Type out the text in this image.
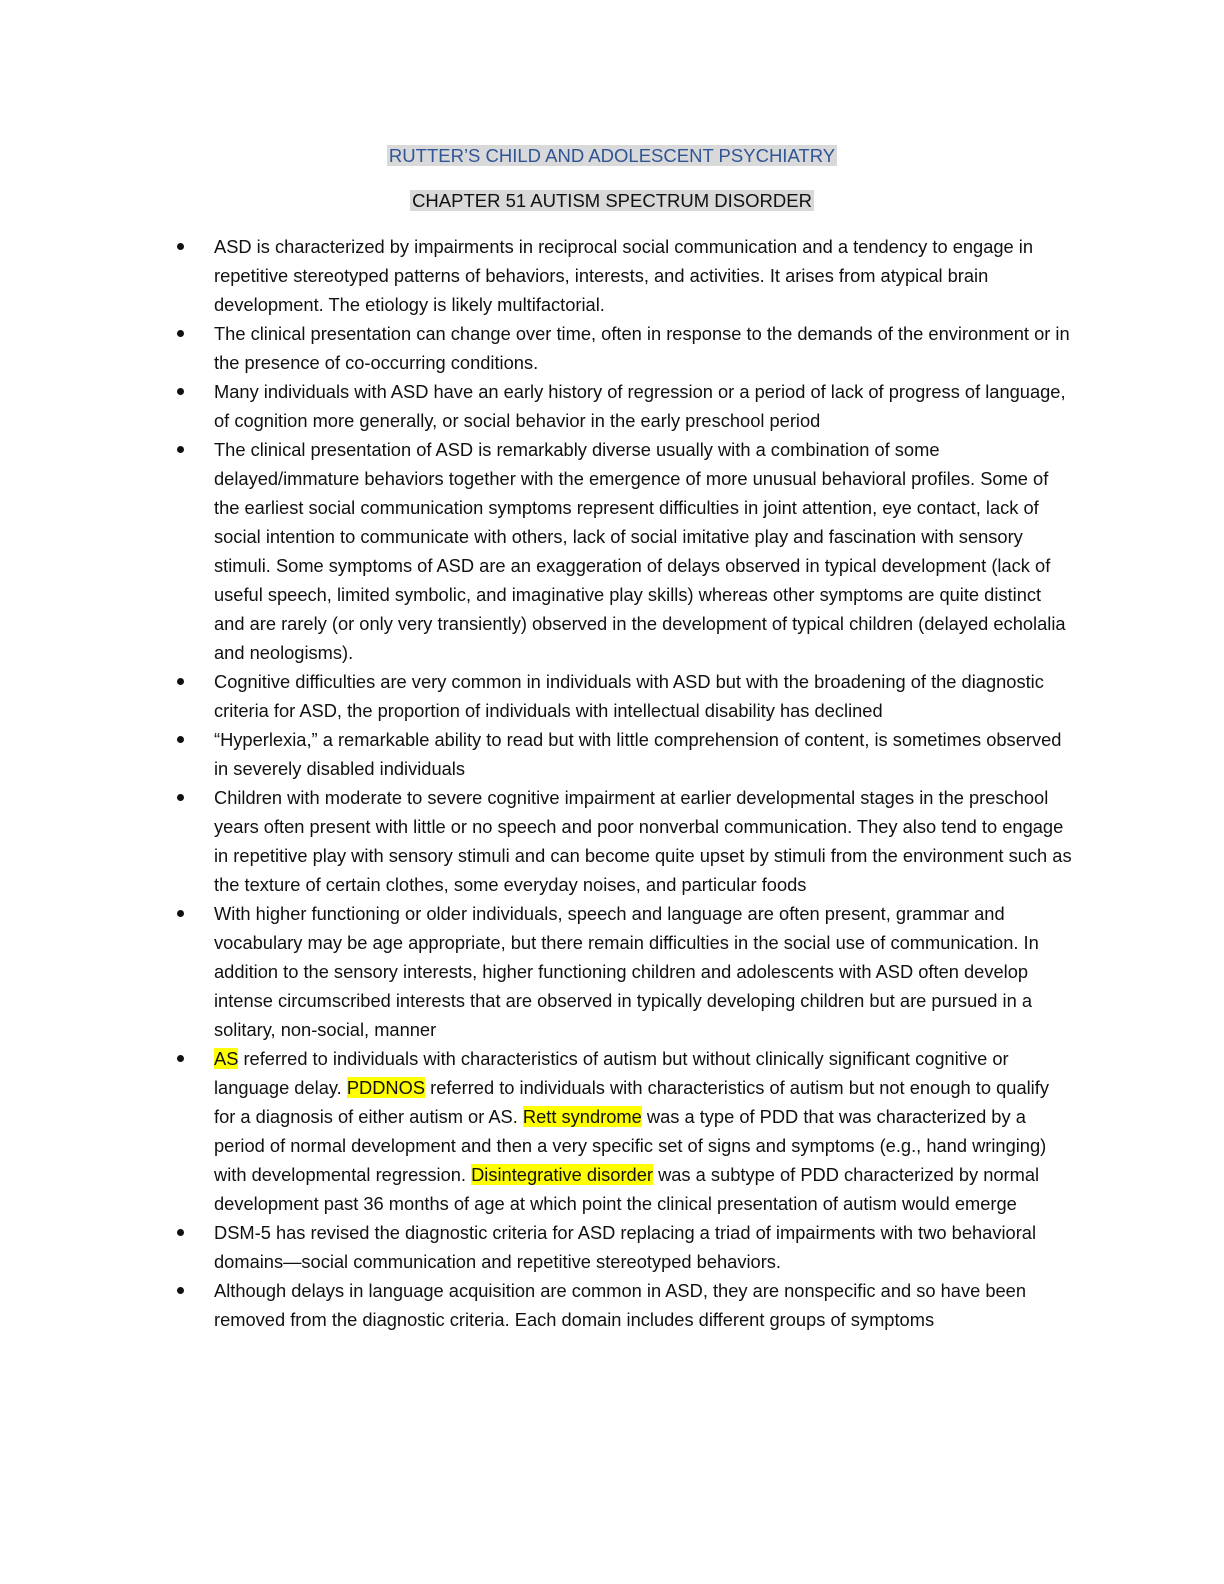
RUTTER’S CHILD AND ADOLESCENT PSYCHIATRY
CHAPTER 51 AUTISM SPECTRUM DISORDER
ASD is characterized by impairments in reciprocal social communication and a tendency to engage in repetitive stereotyped patterns of behaviors, interests, and activities. It arises from atypical brain development. The etiology is likely multifactorial.
The clinical presentation can change over time, often in response to the demands of the environment or in the presence of co-occurring conditions.
Many individuals with ASD have an early history of regression or a period of lack of progress of language, of cognition more generally, or social behavior in the early preschool period
The clinical presentation of ASD is remarkably diverse usually with a combination of some delayed/immature behaviors together with the emergence of more unusual behavioral profiles. Some of the earliest social communication symptoms represent difficulties in joint attention, eye contact, lack of social intention to communicate with others, lack of social imitative play and fascination with sensory stimuli. Some symptoms of ASD are an exaggeration of delays observed in typical development (lack of useful speech, limited symbolic, and imaginative play skills) whereas other symptoms are quite distinct and are rarely (or only very transiently) observed in the development of typical children (delayed echolalia and neologisms).
Cognitive difficulties are very common in individuals with ASD but with the broadening of the diagnostic criteria for ASD, the proportion of individuals with intellectual disability has declined
“Hyperlexia,” a remarkable ability to read but with little comprehension of content, is sometimes observed in severely disabled individuals
Children with moderate to severe cognitive impairment at earlier developmental stages in the preschool years often present with little or no speech and poor nonverbal communication. They also tend to engage in repetitive play with sensory stimuli and can become quite upset by stimuli from the environment such as the texture of certain clothes, some everyday noises, and particular foods
With higher functioning or older individuals, speech and language are often present, grammar and vocabulary may be age appropriate, but there remain difficulties in the social use of communication. In addition to the sensory interests, higher functioning children and adolescents with ASD often develop intense circumscribed interests that are observed in typically developing children but are pursued in a solitary, non-social, manner
AS referred to individuals with characteristics of autism but without clinically significant cognitive or language delay. PDDNOS referred to individuals with characteristics of autism but not enough to qualify for a diagnosis of either autism or AS. Rett syndrome was a type of PDD that was characterized by a period of normal development and then a very specific set of signs and symptoms (e.g., hand wringing) with developmental regression. Disintegrative disorder was a subtype of PDD characterized by normal development past 36 months of age at which point the clinical presentation of autism would emerge
DSM-5 has revised the diagnostic criteria for ASD replacing a triad of impairments with two behavioral domains—social communication and repetitive stereotyped behaviors.
Although delays in language acquisition are common in ASD, they are nonspecific and so have been removed from the diagnostic criteria. Each domain includes different groups of symptoms
